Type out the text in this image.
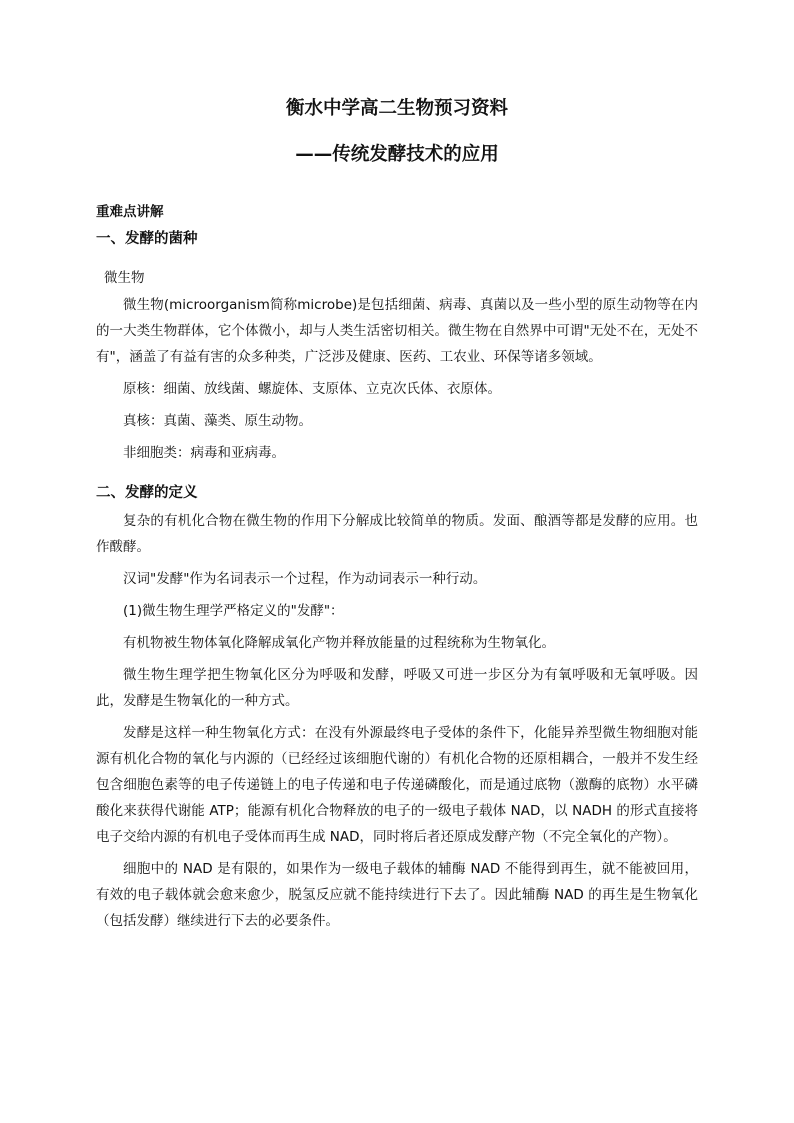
衡水中学高二生物预习资料
——传统发酵技术的应用
重难点讲解
一、发酵的菌种
微生物

微生物(microorganism简称microbe)是包括细菌、病毒、真菌以及一些小型的原生动物等在内的一大类生物群体，它个体微小，却与人类生活密切相关。微生物在自然界中可谓"无处不在，无处不有"，涵盖了有益有害的众多种类，广泛涉及健康、医药、工农业、环保等诸多领域。

原核：细菌、放线菌、螺旋体、支原体、立克次氏体、衣原体。

真核：真菌、藻类、原生动物。

非细胞类：病毒和亚病毒。

二、发酵的定义

复杂的有机化合物在微生物的作用下分解成比较简单的物质。发面、酿酒等都是发酵的应用。也作酦酵。

汉词"发酵"作为名词表示一个过程，作为动词表示一种行动。

(1)微生物生理学严格定义的"发酵"：

有机物被生物体氧化降解成氧化产物并释放能量的过程统称为生物氧化。

微生物生理学把生物氧化区分为呼吸和发酵，呼吸又可进一步区分为有氧呼吸和无氧呼吸。因此，发酵是生物氧化的一种方式。

发酵是这样一种生物氧化方式：在没有外源最终电子受体的条件下，化能异养型微生物细胞对能源有机化合物的氧化与内源的（已经经过该细胞代谢的）有机化合物的还原相耦合，一般并不发生经包含细胞色素等的电子传递链上的电子传递和电子传递磷酸化，而是通过底物（激酶的底物）水平磷酸化来获得代谢能 ATP；能源有机化合物释放的电子的一级电子载体 NAD，以 NADH 的形式直接将电子交给内源的有机电子受体而再生成 NAD，同时将后者还原成发酵产物（不完全氧化的产物）。

细胞中的 NAD 是有限的，如果作为一级电子载体的辅酶 NAD 不能得到再生，就不能被回用，有效的电子载体就会愈来愈少，脱氢反应就不能持续进行下去了。因此辅酶 NAD 的再生是生物氧化（包括发酵）继续进行下去的必要条件。
